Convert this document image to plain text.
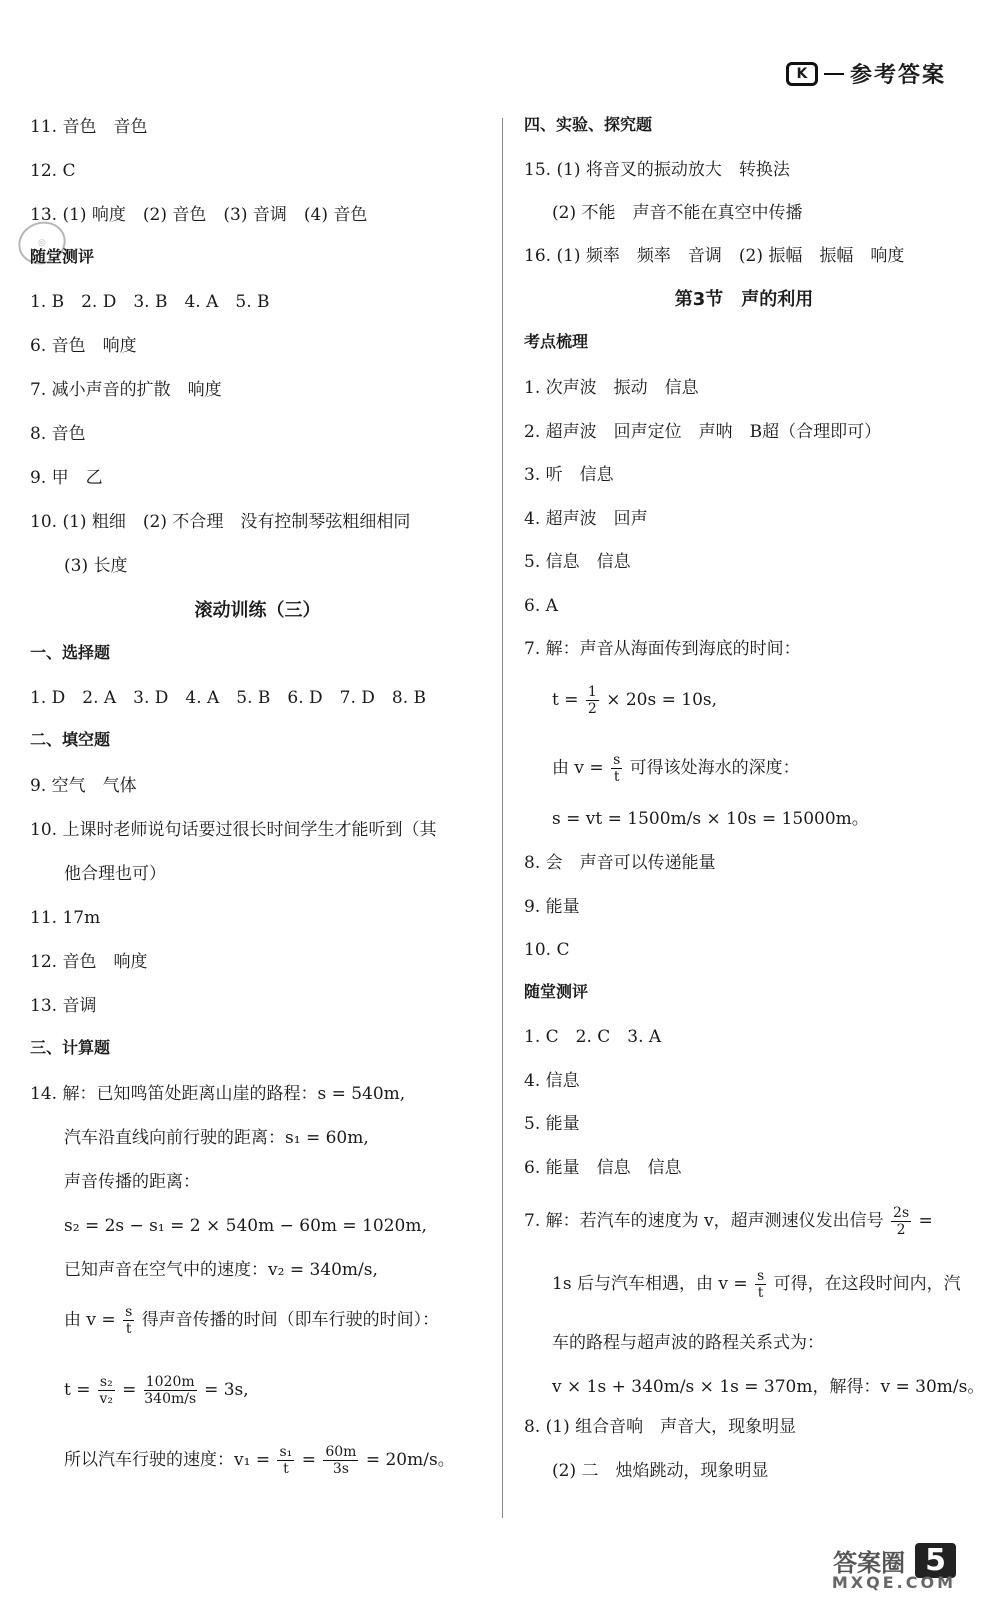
K	参考答案
◎
11. 音色　音色
12. C
13. (1) 响度　(2) 音色　(3) 音调　(4) 音色
随堂测评
1. B　2. D　3. B　4. A　5. B
6. 音色　响度
7. 减小声音的扩散　响度
8. 音色
9. 甲　乙
10. (1) 粗细　(2) 不合理　没有控制琴弦粗细相同
(3) 长度
滚动训练（三）
一、选择题
1. D　2. A　3. D　4. A　5. B　6. D　7. D　8. B
二、填空题
9. 空气　气体
10. 上课时老师说句话要过很长时间学生才能听到（其
他合理也可）
11. 17m
12. 音色　响度
13. 音调
三、计算题
14. 解：已知鸣笛处距离山崖的路程：s = 540m,
汽车沿直线向前行驶的距离：s₁ = 60m,
声音传播的距离：
s₂ = 2s − s₁ = 2 × 540m − 60m = 1020m,
已知声音在空气中的速度：v₂ = 340m/s,
由 $v = \frac{s}{t}$ 得声音传播的时间（即车行驶的时间）：
$t = \frac{\text{s₂}}{\text{v₂}} = \frac{1020m}{340m/s} = 3s$,
所以汽车行驶的速度：$v_1 = \frac{\text{s₁}}{t} = \frac{60m}{3s} = 20m/s$。
四、实验、探究题
15. (1) 将音叉的振动放大　转换法
(2) 不能　声音不能在真空中传播
16. (1) 频率　频率　音调　(2) 振幅　振幅　响度
第3节　声的利用
考点梳理
1. 次声波　振动　信息
2. 超声波　回声定位　声呐　B超（合理即可）
3. 听　信息
4. 超声波　回声
5. 信息　信息
6. A
7. 解：声音从海面传到海底的时间：
$t = \frac{1}{2} \times 20s = 10s$,
由 $v = \frac{s}{t}$ 可得该处海水的深度：
s = vt = 1500m/s × 10s = 15000m。
8. 会　声音可以传递能量
9. 能量
10. C
随堂测评
1. C　2. C　3. A
4. 信息
5. 能量
6. 能量　信息　信息
7. 解：若汽车的速度为 v，超声测速仪发出信号 $\frac{2s}{2}$ =
1s 后与汽车相遇，由 $v = \frac{s}{t}$ 可得，在这段时间内，汽
车的路程与超声波的路程关系式为：
v × 1s + 340m/s × 1s = 370m，解得：v = 30m/s。
8. (1) 组合音响　声音大，现象明显
(2) 二　烛焰跳动，现象明显
答案圈 5
MXQE.COM
